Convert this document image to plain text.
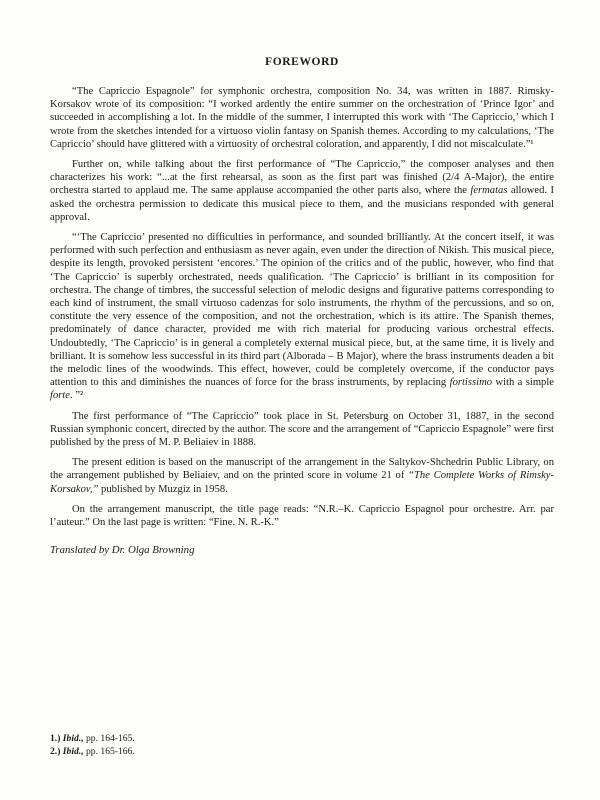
FOREWORD

“The Capriccio Espagnole” for symphonic orchestra, composition No. 34, was written in 1887. Rimsky-Korsakov wrote of its composition: “I worked ardently the entire summer on the orchestration of ‘Prince Igor’ and succeeded in accomplishing a lot. In the middle of the summer, I interrupted this work with ‘The Capriccio,’ which I wrote from the sketches intended for a virtuoso violin fantasy on Spanish themes. According to my calculations, ‘The Capriccio’ should have glittered with a virtuosity of orchestral coloration, and apparently, I did not miscalculate.”¹

Further on, while talking about the first performance of “The Capriccio,” the composer analyses and then characterizes his work: “...at the first rehearsal, as soon as the first part was finished (2/4 A-Major), the entire orchestra started to applaud me. The same applause accompanied the other parts also, where the fermatas allowed. I asked the orchestra permission to dedicate this musical piece to them, and the musicians responded with general approval.

“‘The Capriccio’ presented no difficulties in performance, and sounded brilliantly. At the concert itself, it was performed with such perfection and enthusiasm as never again, even under the direction of Nikish. This musical piece, despite its length, provoked persistent ‘encores.’ The opinion of the critics and of the public, however, who find that ‘The Capriccio’ is superbly orchestrated, needs qualification. ‘The Capriccio’ is brilliant in its composition for orchestra. The change of timbres, the successful selection of melodic designs and figurative patterns corresponding to each kind of instrument, the small virtuoso cadenzas for solo instruments, the rhythm of the percussions, and so on, constitute the very essence of the composition, and not the orchestration, which is its attire. The Spanish themes, predominately of dance character, provided me with rich material for producing various orchestral effects. Undoubtedly, ‘The Capriccio’ is in general a completely external musical piece, but, at the same time, it is lively and brilliant. It is somehow less successful in its third part (Alborada – B Major), where the brass instruments deaden a bit the melodic lines of the woodwinds. This effect, however, could be completely overcome, if the conductor pays attention to this and diminishes the nuances of force for the brass instruments, by replacing fortissimo with a simple forte. ”²

The first performance of “The Capriccio” took place in St. Petersburg on October 31, 1887, in the second Russian symphonic concert, directed by the author. The score and the arrangement of “Capriccio Espagnole” were first published by the press of M. P. Beliaiev in 1888.

The present edition is based on the manuscript of the arrangement in the Saltykov-Shchedrin Public Library, on the arrangement published by Beliaiev, and on the printed score in volume 21 of “The Complete Works of Rimsky-Korsakov,” published by Muzgiz in 1958.

On the arrangement manuscript, the title page reads: “N.R.–K. Capriccio Espagnol pour orchestre. Arr. par l’auteur.” On the last page is written: “Fine. N. R.-K.”

Translated by Dr. Olga Browning

1.) Ibid., pp. 164-165.
2.) Ibid., pp. 165-166.
